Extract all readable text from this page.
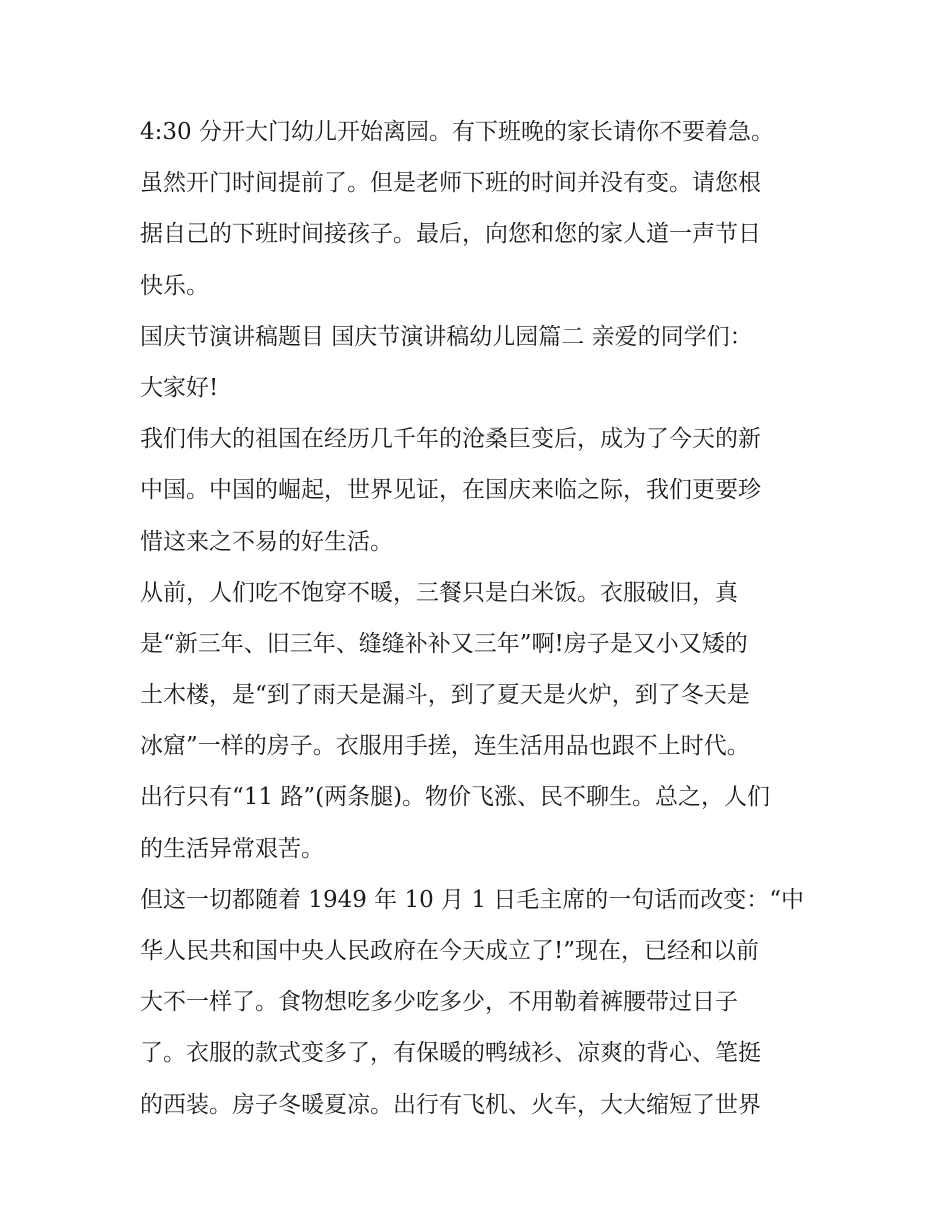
4:30 分开大门幼儿开始离园。有下班晚的家长请你不要着急。
虽然开门时间提前了。但是老师下班的时间并没有变。请您根
据自己的下班时间接孩子。最后，向您和您的家人道一声节日
快乐。
国庆节演讲稿题目 国庆节演讲稿幼儿园篇二 亲爱的同学们：
大家好!
我们伟大的祖国在经历几千年的沧桑巨变后，成为了今天的新
中国。中国的崛起，世界见证，在国庆来临之际，我们更要珍
惜这来之不易的好生活。
从前，人们吃不饱穿不暖，三餐只是白米饭。衣服破旧，真
是“新三年、旧三年、缝缝补补又三年”啊!房子是又小又矮的
土木楼，是“到了雨天是漏斗，到了夏天是火炉，到了冬天是
冰窟”一样的房子。衣服用手搓，连生活用品也跟不上时代。
出行只有“11 路”(两条腿)。物价飞涨、民不聊生。总之，人们
的生活异常艰苦。
但这一切都随着 1949 年 10 月 1 日毛主席的一句话而改变：“中
华人民共和国中央人民政府在今天成立了!”现在，已经和以前
大不一样了。食物想吃多少吃多少，不用勒着裤腰带过日子
了。衣服的款式变多了，有保暖的鸭绒衫、凉爽的背心、笔挺
的西装。房子冬暖夏凉。出行有飞机、火车，大大缩短了世界
